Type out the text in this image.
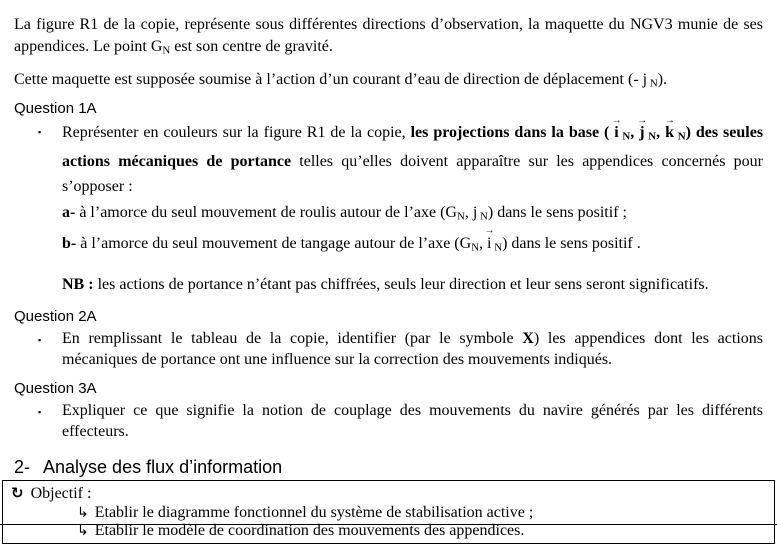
La figure R1 de la copie, représente sous différentes directions d’observation, la maquette du NGV3 munie de ses appendices. Le point $G_N$ est son centre de gravité.

Cette maquette est supposée soumise à l’action d’un courant d’eau de direction de déplacement (- j
$_N$).

Question 1A
▪	Représenter en couleurs sur la figure R1 de la copie, les projections dans la base ( i
→
$_N$, j
→
$_N$, k
→
$_N$) des seules actions mécaniques de portance telles qu’elles doivent apparaître sur les appendices concernés pour s’opposer :

a- à l’amorce du seul mouvement de roulis autour de l’axe ($G_N$, j
$_N$) dans le sens positif ;

b- à l’amorce du seul mouvement de tangage autour de l’axe ($G_N$, i
→
$_N$) dans le sens positif .

NB : les actions de portance n’étant pas chiffrées, seuls leur direction et leur sens seront significatifs.

Question 2A
▪	En remplissant le tableau de la copie, identifier (par le symbole X) les appendices dont les actions mécaniques de portance ont une influence sur la correction des mouvements indiqués.
Question 3A
▪	Expliquer ce que signifie la notion de couplage des mouvements du navire générés par les différents effecteurs.
2- Analyse des flux d’information
↻ Objectif :
↳ Etablir le diagramme fonctionnel du système de stabilisation active ;
↳ Etablir le modèle de coordination des mouvements des appendices.
